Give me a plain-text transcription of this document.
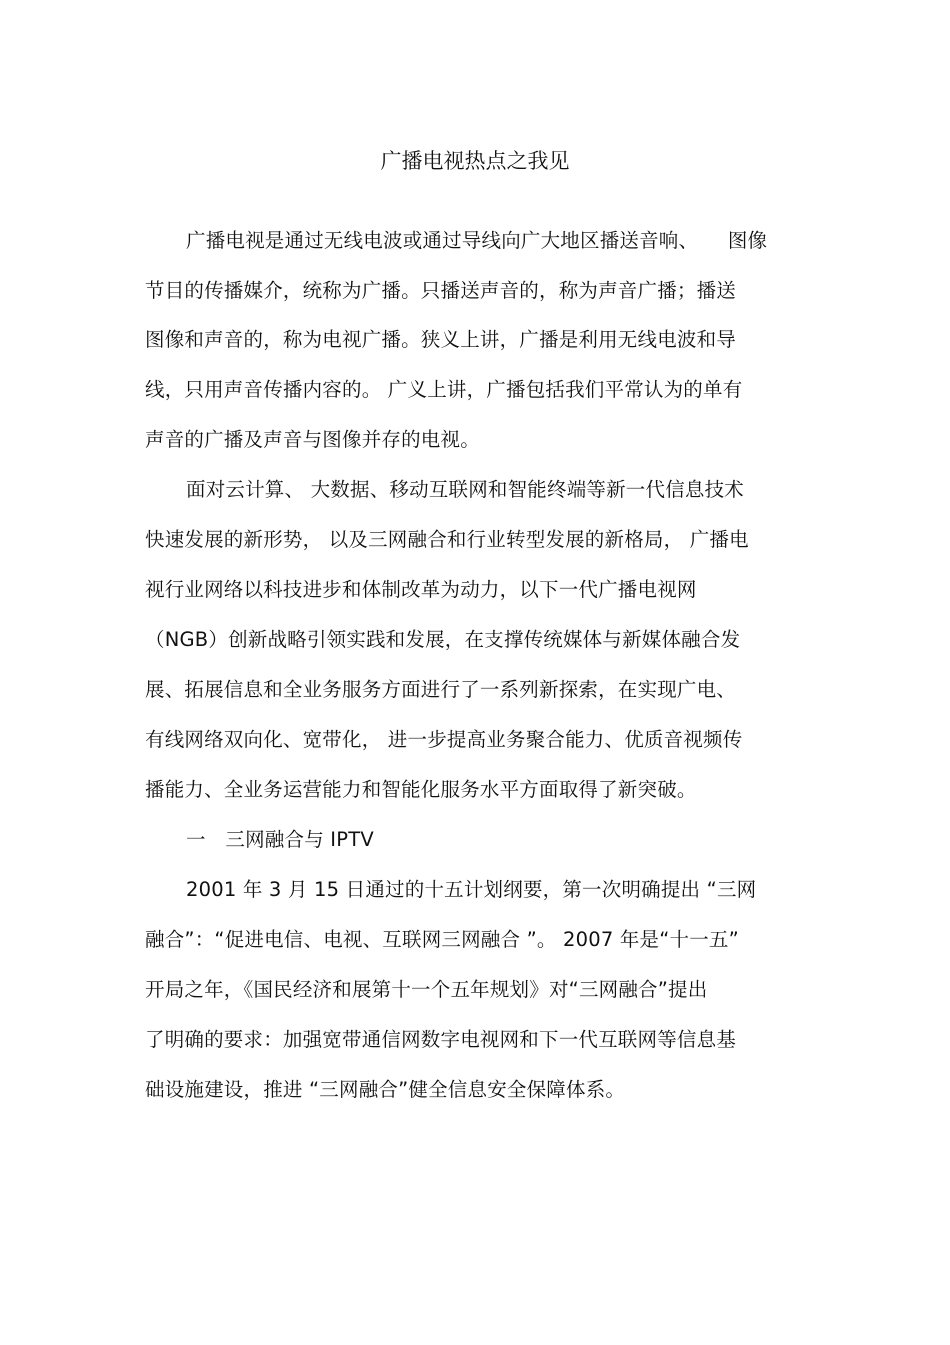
广播电视热点之我见
广播电视是通过无线电波或通过导线向广大地区播送音响、　　图像
节目的传播媒介，统称为广播。只播送声音的，称为声音广播；播送
图像和声音的，称为电视广播。狭义上讲，广播是利用无线电波和导
线，只用声音传播内容的。 广义上讲，广播包括我们平常认为的单有
声音的广播及声音与图像并存的电视。
面对云计算、 大数据、移动互联网和智能终端等新一代信息技术
快速发展的新形势， 以及三网融合和行业转型发展的新格局， 广播电
视行业网络以科技进步和体制改革为动力，以下一代广播电视网
（NGB）创新战略引领实践和发展，在支撑传统媒体与新媒体融合发
展、拓展信息和全业务服务方面进行了一系列新探索，在实现广电、
有线网络双向化、宽带化， 进一步提高业务聚合能力、优质音视频传
播能力、全业务运营能力和智能化服务水平方面取得了新突破。
一　三网融合与 IPTV
2001 年 3 月 15 日通过的十五计划纲要，第一次明确提出 “三网
融合”：“促进电信、电视、互联网三网融合 ”。 2007 年是“十一五”
开局之年，《国民经济和展第十一个五年规划》对“三网融合”提出
了明确的要求：加强宽带通信网数字电视网和下一代互联网等信息基
础设施建设，推进 “三网融合”健全信息安全保障体系。
